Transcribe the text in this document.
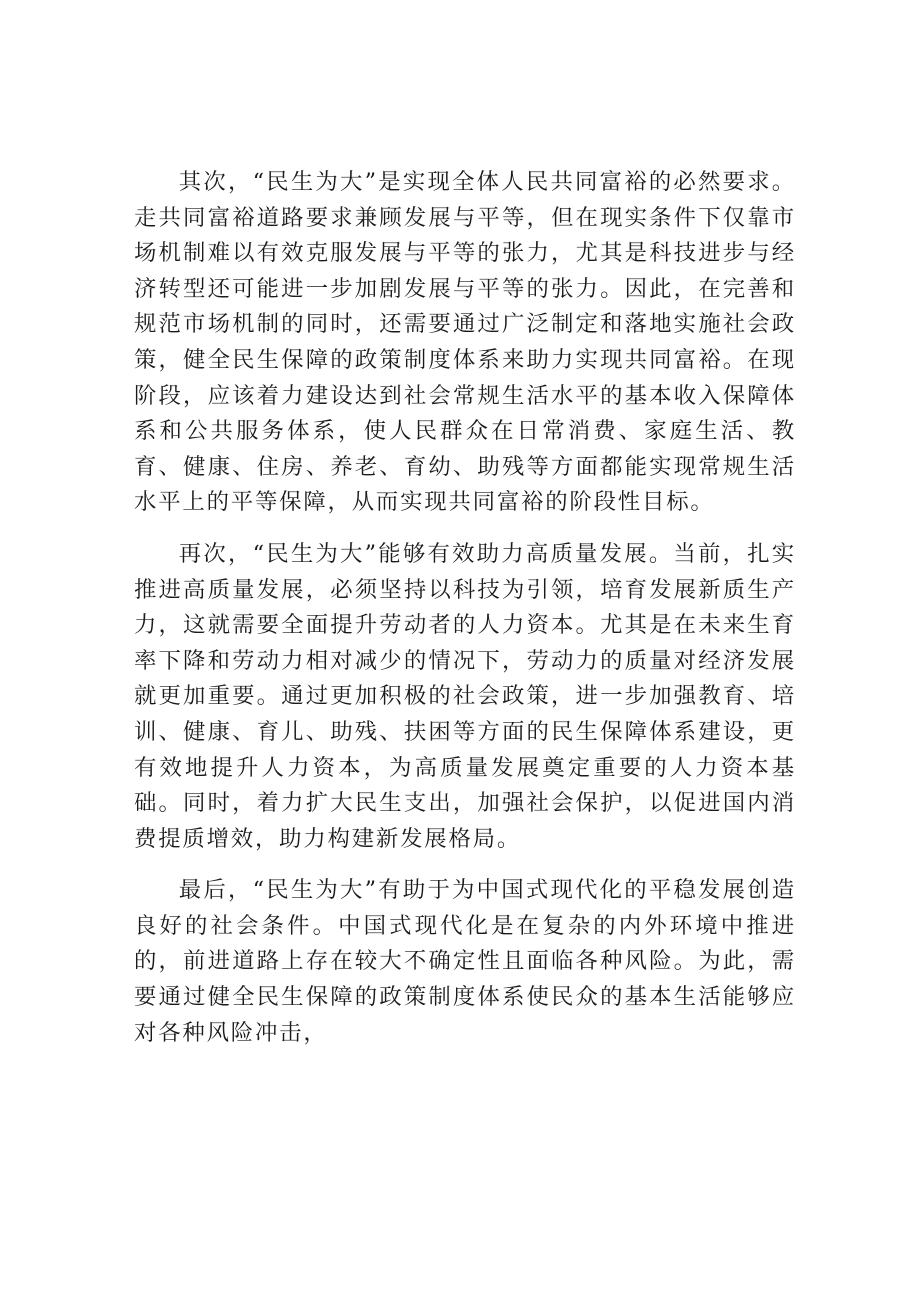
其次，“民生为大”是实现全体人民共同富裕的必然要求。走共同富裕道路要求兼顾发展与平等，但在现实条件下仅靠市场机制难以有效克服发展与平等的张力，尤其是科技进步与经济转型还可能进一步加剧发展与平等的张力。因此，在完善和规范市场机制的同时，还需要通过广泛制定和落地实施社会政策，健全民生保障的政策制度体系来助力实现共同富裕。在现阶段，应该着力建设达到社会常规生活水平的基本收入保障体系和公共服务体系，使人民群众在日常消费、家庭生活、教育、健康、住房、养老、育幼、助残等方面都能实现常规生活水平上的平等保障，从而实现共同富裕的阶段性目标。

再次，“民生为大”能够有效助力高质量发展。当前，扎实推进高质量发展，必须坚持以科技为引领，培育发展新质生产力，这就需要全面提升劳动者的人力资本。尤其是在未来生育率下降和劳动力相对减少的情况下，劳动力的质量对经济发展就更加重要。通过更加积极的社会政策，进一步加强教育、培训、健康、育儿、助残、扶困等方面的民生保障体系建设，更有效地提升人力资本，为高质量发展奠定重要的人力资本基础。同时，着力扩大民生支出，加强社会保护，以促进国内消费提质增效，助力构建新发展格局。

最后，“民生为大”有助于为中国式现代化的平稳发展创造良好的社会条件。中国式现代化是在复杂的内外环境中推进的，前进道路上存在较大不确定性且面临各种风险。为此，需要通过健全民生保障的政策制度体系使民众的基本生活能够应对各种风险冲击，
